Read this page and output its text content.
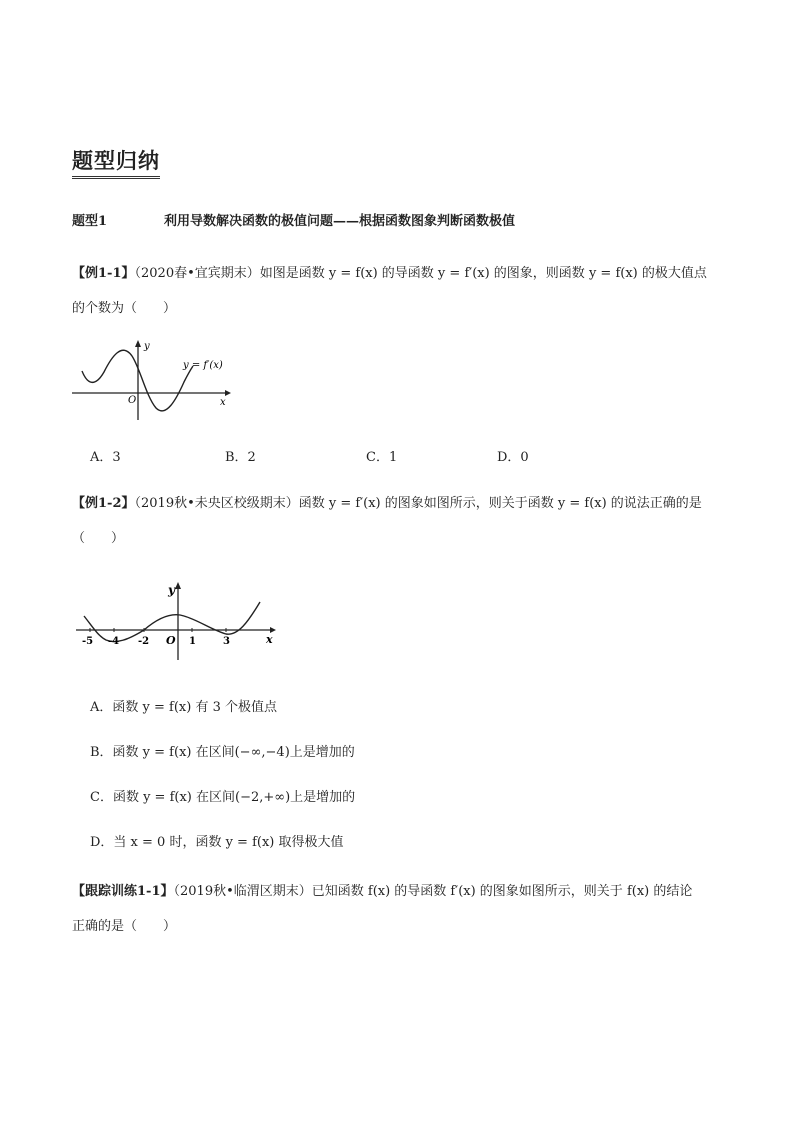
题型归纳
题型1	利用导数解决函数的极值问题——根据函数图象判断函数极值
【例1-1】（2020春•宜宾期末）如图是函数 y = f(x) 的导函数 y = f′(x) 的图象，则函数 y = f(x) 的极大值点
的个数为（　　）
x
y
O
y = f′(x)
A．3	B．2	C．1	D．0
【例1-2】（2019秋•未央区校级期末）函数 y = f′(x) 的图象如图所示，则关于函数 y = f(x) 的说法正确的是
（　　）
-5 -4 -2 O 1	3	x
y
A．函数 y = f(x) 有 3 个极值点
B．函数 y = f(x) 在区间(−∞,−4)上是增加的
C．函数 y = f(x) 在区间(−2,+∞)上是增加的
D．当 x = 0 时，函数 y = f(x) 取得极大值
【跟踪训练1-1】（2019秋•临渭区期末）已知函数 f(x) 的导函数 f′(x) 的图象如图所示，则关于 f(x) 的结论
正确的是（　　）
